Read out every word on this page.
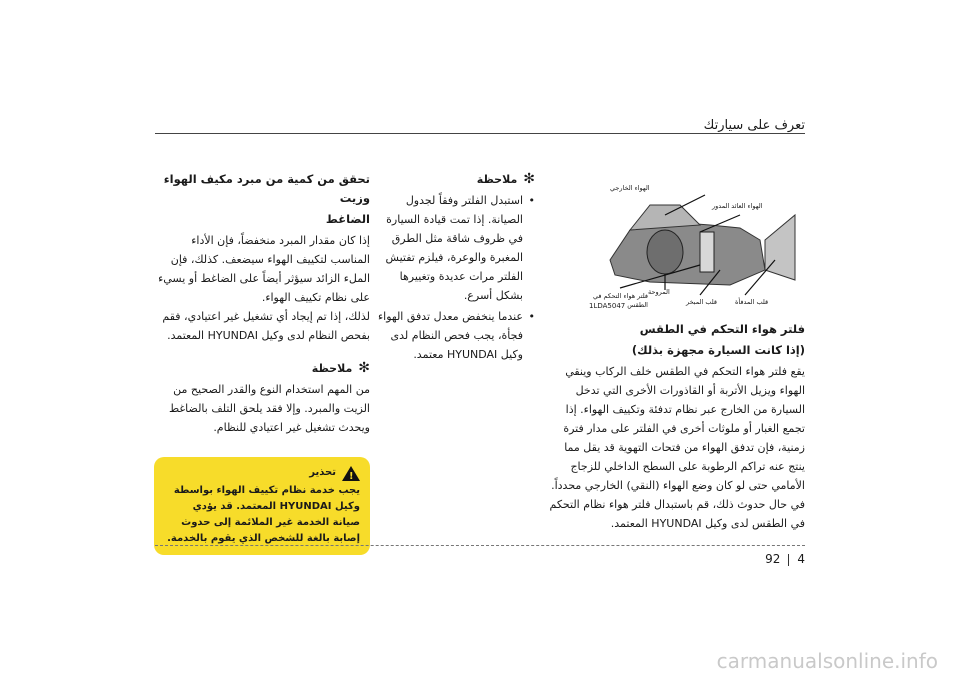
تعرف على سيارتك
الهواء الخارجي
الهواء العائد المدور
المروحة
فلتر هواء التحكم في الطقس	قلب المبخر	قلب المدفأة
1LDA5047
فلتر هواء التحكم في الطقس
(إذا كانت السيارة مجهزة بذلك)
يقع فلتر هواء التحكم في الطقس خلف الركاب وينقي الهواء ويزيل الأتربة أو القاذورات الأخرى التي تدخل السيارة من الخارج عبر نظام تدفئة وتكييف الهواء. إذا تجمع الغبار أو ملوثات أخرى في الفلتر على مدار فترة زمنية، فإن تدفق الهواء من فتحات التهوية قد يقل مما ينتج عنه تراكم الرطوبة على السطح الداخلي للزجاج الأمامي حتى لو كان وضع الهواء (النقي) الخارجي محدداً. في حال حدوث ذلك، قم باستبدال فلتر هواء نظام التحكم في الطقس لدى وكيل HYUNDAI المعتمد.
✻
ملاحظة
• استبدل الفلتر وفقاً لجدول الصيانة. إذا تمت قيادة السيارة في ظروف شاقة مثل الطرق المغبرة والوعرة، فيلزم تفتيش الفلتر مرات عديدة وتغييرها بشكل أسرع.
• عندما ينخفض معدل تدفق الهواء فجأة، يجب فحص النظام لدى وكيل HYUNDAI معتمد.
تحقق من كمية من مبرد مكيف الهواء وزيت
الضاغط
إذا كان مقدار المبرد منخفضاً، فإن الأداء المناسب لتكييف الهواء سيضعف. كذلك، فإن الملء الزائد سيؤثر أيضاً على الضاغط أو يسيء على نظام تكييف الهواء.
لذلك، إذا تم إيجاد أي تشغيل غير اعتيادي، فقم بفحص النظام لدى وكيل HYUNDAI المعتمد.
✻
ملاحظة
من المهم استخدام النوع والقدر الصحيح من الزيت والمبرد. وإلا فقد يلحق التلف بالضاغط ويحدث تشغيل غير اعتيادي للنظام.
!
تحذير
يجب خدمة نظام تكييف الهواء بواسطة وكيل HYUNDAI المعتمد. قد يؤدي صيانة الخدمة غير الملائمة إلى حدوث إصابة بالغة للشخص الذي يقوم بالخدمة.
92 4
carmanualsonline.info
